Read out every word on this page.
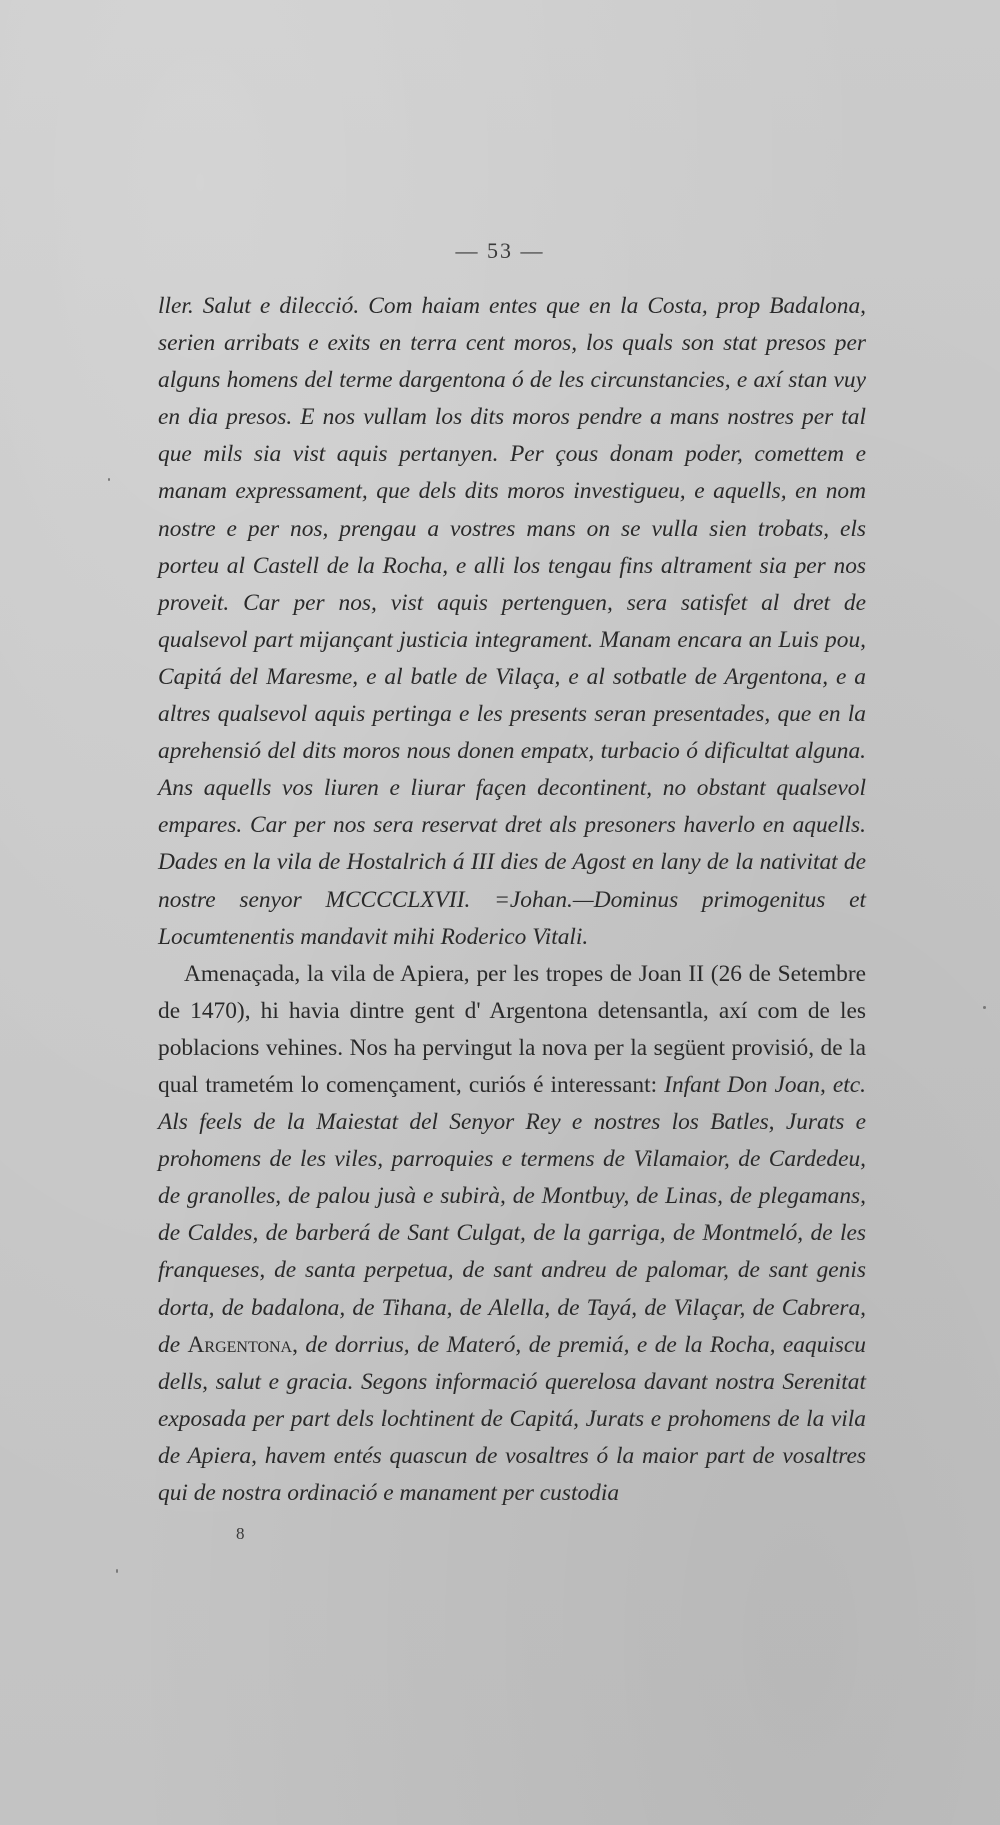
— 53 —

ller. Salut e dilecció. Com haiam entes que en la Costa, prop Badalona, serien arribats e exits en terra cent moros, los quals son stat presos per alguns homens del terme dargentona ó de les circunstancies, e axí stan vuy en dia presos. E nos vullam los dits moros pendre a mans nostres per tal que mils sia vist aquis pertanyen. Per çous donam poder, comettem e manam expressament, que dels dits moros investigueu, e aquells, en nom nostre e per nos, prengau a vostres mans on se vulla sien trobats, els porteu al Castell de la Rocha, e alli los tengau fins altrament sia per nos proveit. Car per nos, vist aquis pertenguen, sera satisfet al dret de qualsevol part mijançant justicia integrament. Manam encara an Luis pou, Capitá del Maresme, e al batle de Vilaça, e al sotbatle de Argentona, e a altres qualsevol aquis pertinga e les presents seran presentades, que en la aprehensió del dits moros nous donen empatx, turbacio ó dificultat alguna. Ans aquells vos liuren e liurar façen decontinent, no obstant qualsevol empares. Car per nos sera reservat dret als presoners haverlo en aquells. Dades en la vila de Hostalrich á III dies de Agost en lany de la nativitat de nostre senyor MCCCCLXVII. =Johan.—Dominus primogenitus et Locumtenentis mandavit mihi Roderico Vitali.

Amenaçada, la vila de Apiera, per les tropes de Joan II (26 de Setembre de 1470), hi havia dintre gent d' Argentona detensantla, axí com de les poblacions vehines. Nos ha pervingut la nova per la següent provisió, de la qual trametém lo començament, curiós é interessant: Infant Don Joan, etc. Als feels de la Maiestat del Senyor Rey e nostres los Batles, Jurats e prohomens de les viles, parroquies e termens de Vilamaior, de Cardedeu, de granolles, de palou jusà e subirà, de Montbuy, de Linas, de plegamans, de Caldes, de barberá de Sant Culgat, de la garriga, de Montmeló, de les franqueses, de santa perpetua, de sant andreu de palomar, de sant genis dorta, de badalona, de Tihana, de Alella, de Tayá, de Vilaçar, de Cabrera, de Argentona, de dorrius, de Materó, de premiá, e de la Rocha, eaquiscu dells, salut e gracia. Segons informació querelosa davant nostra Serenitat exposada per part dels lochtinent de Capitá, Jurats e prohomens de la vila de Apiera, havem entés quascun de vosaltres ó la maior part de vosaltres qui de nostra ordinació e manament per custodia

8
